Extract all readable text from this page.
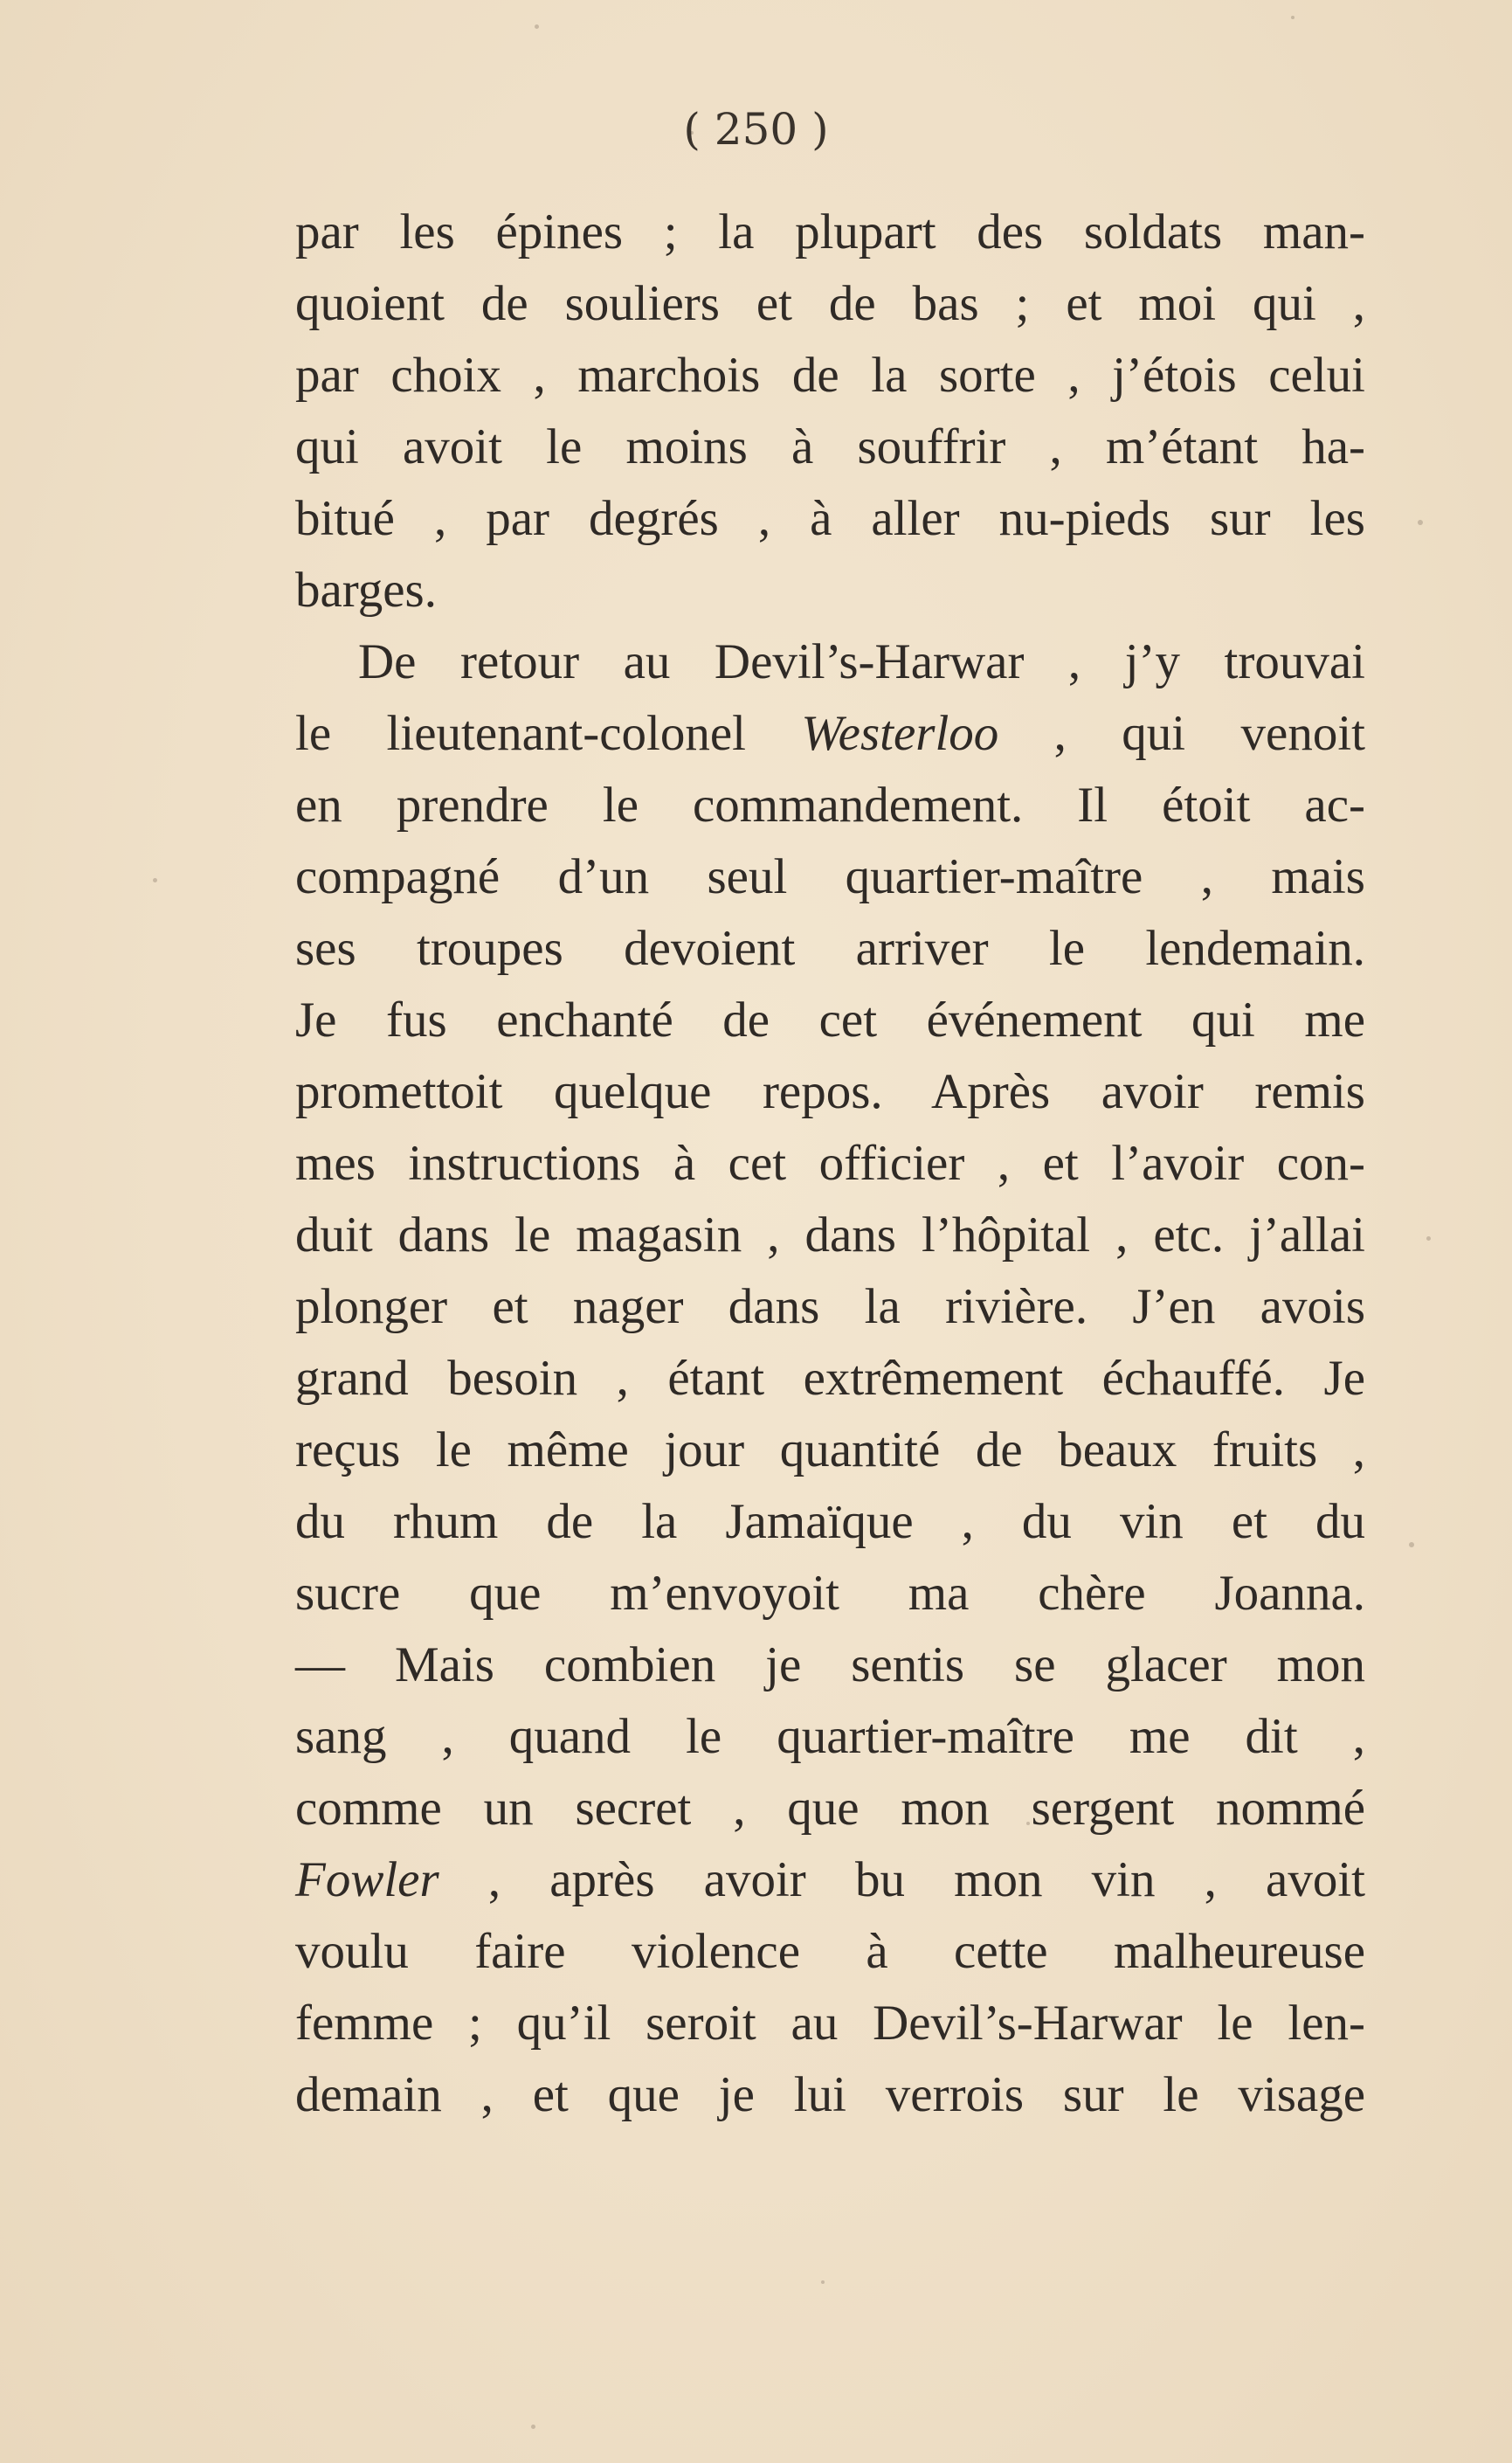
( 250 )

par les épines ; la plupart des soldats man-

quoient de souliers et de bas ; et moi qui ,

par choix , marchois de la sorte , j’étois celui

qui avoit le moins à souffrir , m’étant ha-

bitué , par degrés , à aller nu-pieds sur les

barges.

De retour au Devil’s-Harwar , j’y trouvai

le lieutenant-colonel Westerloo , qui venoit

en prendre le commandement. Il étoit ac-

compagné d’un seul quartier-maître , mais

ses troupes devoient arriver le lendemain.

Je fus enchanté de cet événement qui me

promettoit quelque repos. Après avoir remis

mes instructions à cet officier , et l’avoir con-

duit dans le magasin , dans l’hôpital , etc. j’allai

plonger et nager dans la rivière. J’en avois

grand besoin , étant extrêmement échauffé. Je

reçus le même jour quantité de beaux fruits ,

du rhum de la Jamaïque , du vin et du

sucre que m’envoyoit ma chère Joanna.

— Mais combien je sentis se glacer mon

sang , quand le quartier-maître me dit ,

comme un secret , que mon sergent nommé

Fowler , après avoir bu mon vin , avoit

voulu faire violence à cette malheureuse

femme ; qu’il seroit au Devil’s-Harwar le len-

demain , et que je lui verrois sur le visage
